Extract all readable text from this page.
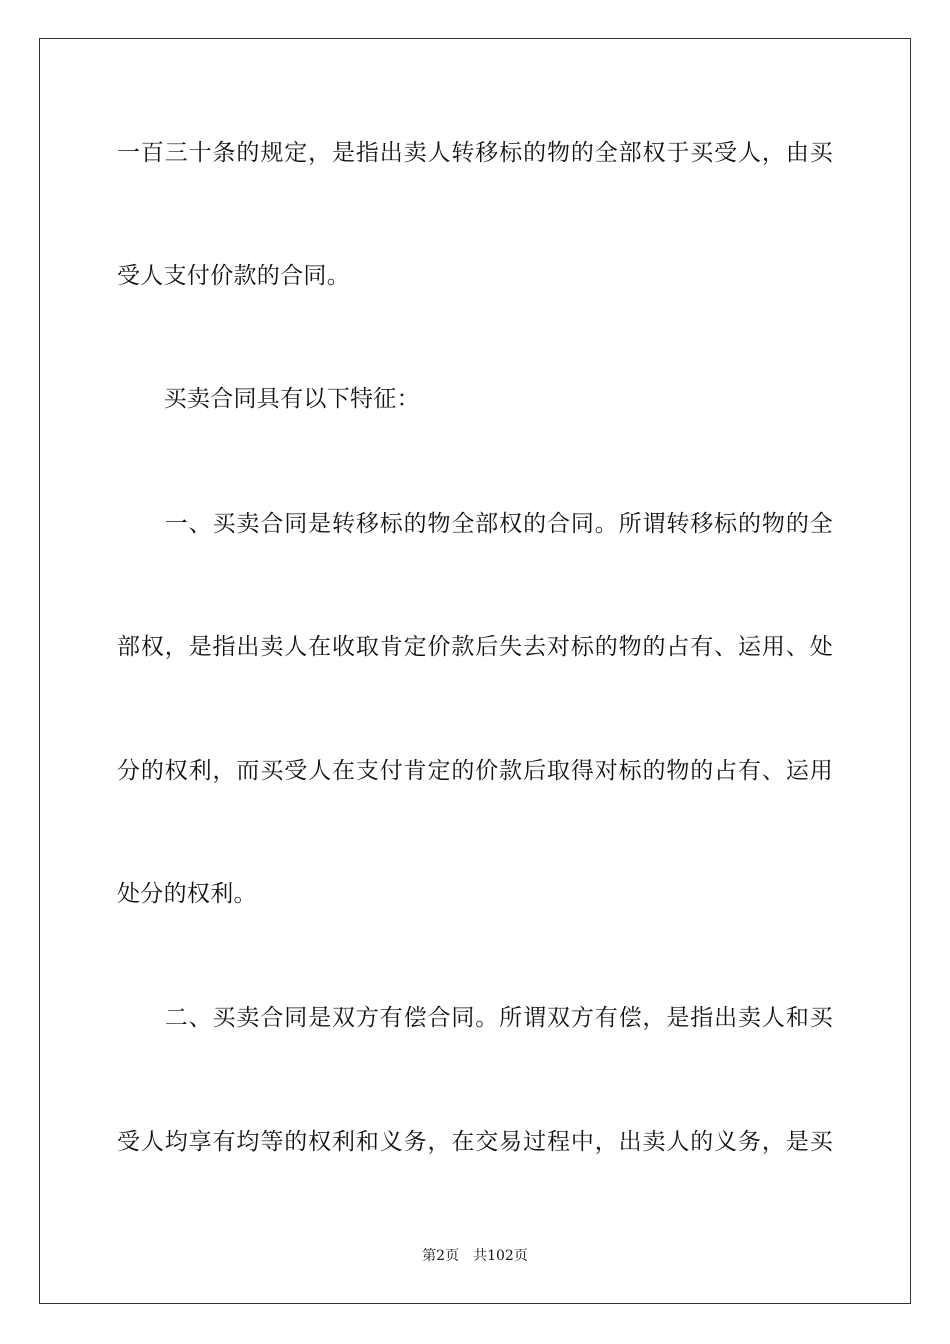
一百三十条的规定，是指出卖人转移标的物的全部权于买受人，由买
受人支付价款的合同。
　　买卖合同具有以下特征：
　　一、买卖合同是转移标的物全部权的合同。所谓转移标的物的全
部权，是指出卖人在收取肯定价款后失去对标的物的占有、运用、处
分的权利，而买受人在支付肯定的价款后取得对标的物的占有、运用
处分的权利。
　　二、买卖合同是双方有偿合同。所谓双方有偿，是指出卖人和买
受人均享有均等的权利和义务，在交易过程中，出卖人的义务，是买
第2页 共102页
